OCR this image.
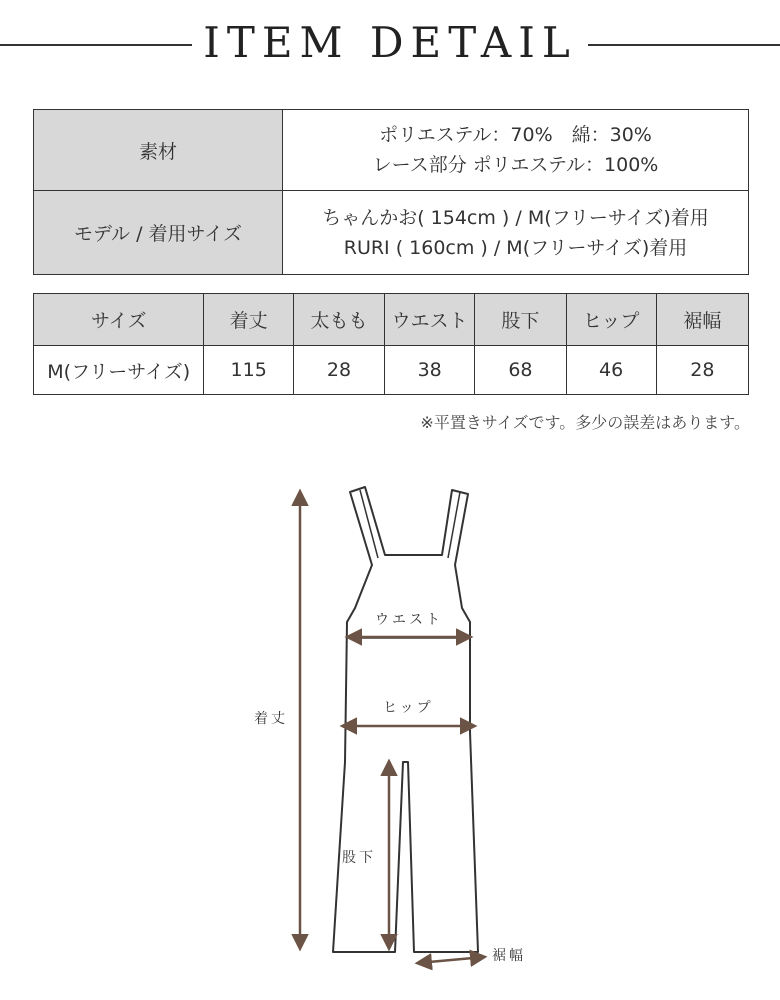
ITEM DETAIL
素材	ポリエステル：70%　綿：30%
レース部分 ポリエステル：100%

モデル / 着用サイズ	ちゃんかお( 154cm ) / M(フリーサイズ)着用
RURI ( 160cm ) / M(フリーサイズ)着用
サイズ	着丈	太もも	ウエスト	股下	ヒップ	裾幅
M(フリーサイズ)	115	28	38	68	46	28
※平置きサイズです。多少の誤差はあります。
着丈
ウエスト
ヒップ
股下
裾幅
